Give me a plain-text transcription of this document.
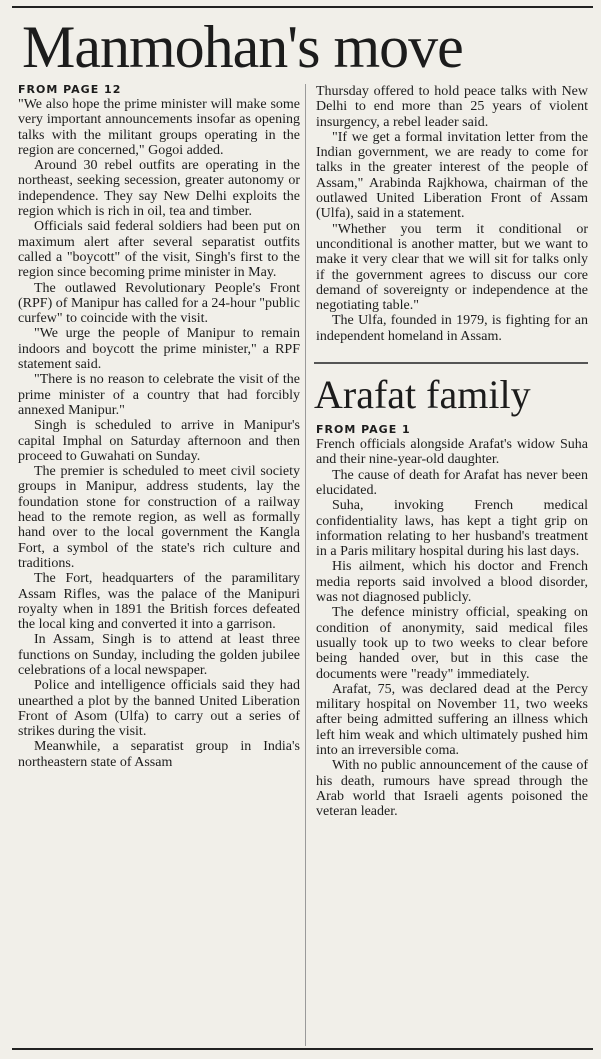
Manmohan's move
FROM PAGE 12

"We also hope the prime minister will make some very important announcements insofar as opening talks with the militant groups operating in the region are concerned," Gogoi added.

Around 30 rebel outfits are operating in the northeast, seeking secession, greater autonomy or independence. They say New Delhi exploits the region which is rich in oil, tea and timber.

Officials said federal soldiers had been put on maximum alert after several separatist outfits called a "boycott" of the visit, Singh's first to the region since becoming prime minister in May.

The outlawed Revolutionary People's Front (RPF) of Manipur has called for a 24-hour "public curfew" to coincide with the visit.

"We urge the people of Manipur to remain indoors and boycott the prime minister," a RPF statement said.

"There is no reason to celebrate the visit of the prime minister of a country that had forcibly annexed Manipur."

Singh is scheduled to arrive in Manipur's capital Imphal on Saturday afternoon and then proceed to Guwahati on Sunday.

The premier is scheduled to meet civil society groups in Manipur, address students, lay the foundation stone for construction of a railway head to the remote region, as well as formally hand over to the local government the Kangla Fort, a symbol of the state's rich culture and traditions.

The Fort, headquarters of the paramilitary Assam Rifles, was the palace of the Manipuri royalty when in 1891 the British forces defeated the local king and converted it into a garrison.

In Assam, Singh is to attend at least three functions on Sunday, including the golden jubilee celebrations of a local newspaper.

Police and intelligence officials said they had unearthed a plot by the banned United Liberation Front of Asom (Ulfa) to carry out a series of strikes during the visit.

Meanwhile, a separatist group in India's northeastern state of Assam

Thursday offered to hold peace talks with New Delhi to end more than 25 years of violent insurgency, a rebel leader said.

"If we get a formal invitation letter from the Indian government, we are ready to come for talks in the greater interest of the people of Assam," Arabinda Rajkhowa, chairman of the outlawed United Liberation Front of Assam (Ulfa), said in a statement.

"Whether you term it conditional or unconditional is another matter, but we want to make it very clear that we will sit for talks only if the government agrees to discuss our core demand of sovereignty or independence at the negotiating table."

The Ulfa, founded in 1979, is fighting for an independent homeland in Assam.

Arafat family
FROM PAGE 1

French officials alongside Arafat's widow Suha and their nine-year-old daughter.

The cause of death for Arafat has never been elucidated.

Suha, invoking French medical confidentiality laws, has kept a tight grip on information relating to her husband's treatment in a Paris military hospital during his last days.

His ailment, which his doctor and French media reports said involved a blood disorder, was not diagnosed publicly.

The defence ministry official, speaking on condition of anonymity, said medical files usually took up to two weeks to clear before being handed over, but in this case the documents were "ready" immediately.

Arafat, 75, was declared dead at the Percy military hospital on November 11, two weeks after being admitted suffering an illness which left him weak and which ultimately pushed him into an irreversible coma.

With no public announcement of the cause of his death, rumours have spread through the Arab world that Israeli agents poisoned the veteran leader.
